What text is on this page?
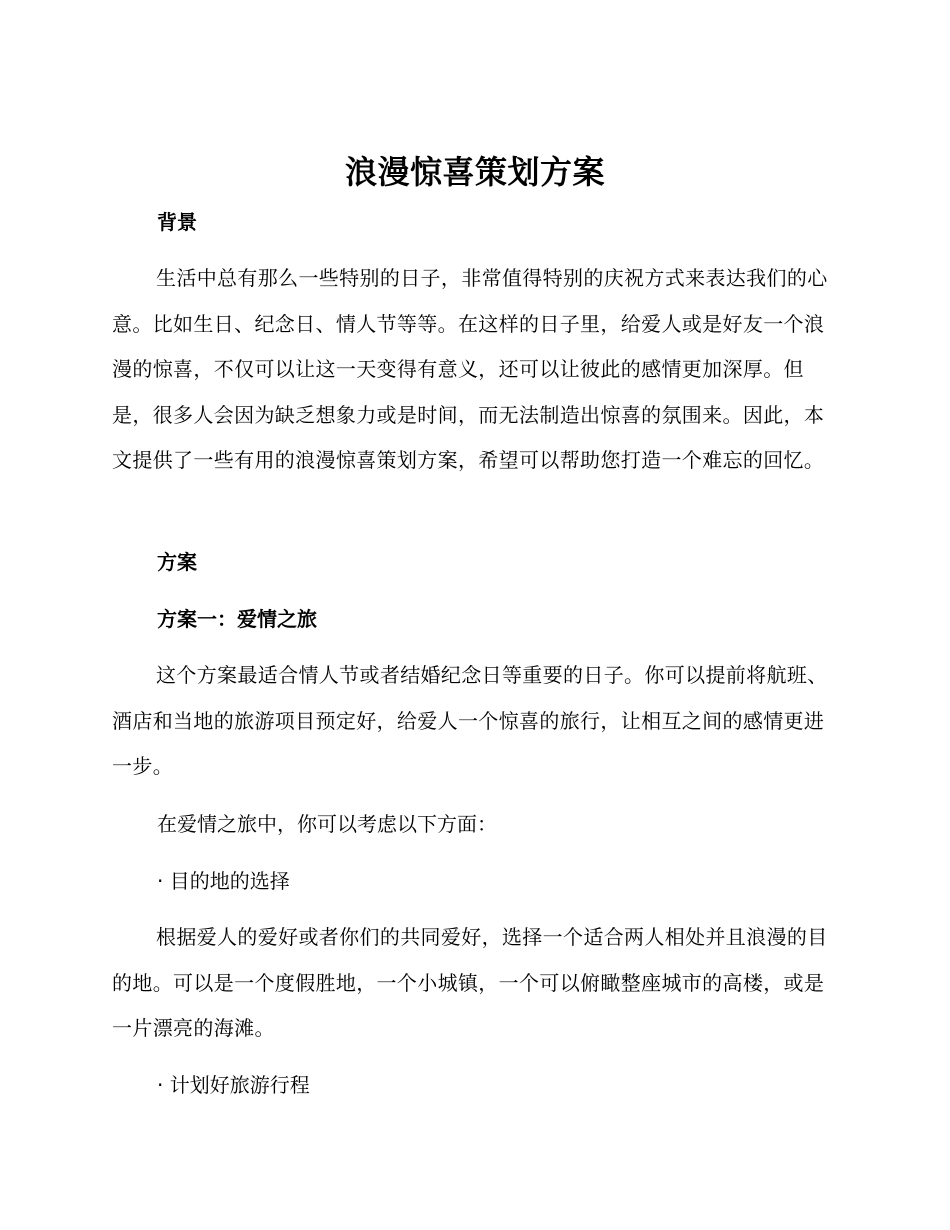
浪漫惊喜策划方案
背景

生活中总有那么一些特别的日子，非常值得特别的庆祝方式来表达我们的心意。比如生日、纪念日、情人节等等。在这样的日子里，给爱人或是好友一个浪漫的惊喜，不仅可以让这一天变得有意义，还可以让彼此的感情更加深厚。但是，很多人会因为缺乏想象力或是时间，而无法制造出惊喜的氛围来。因此，本文提供了一些有用的浪漫惊喜策划方案，希望可以帮助您打造一个难忘的回忆。

方案
方案一：爱情之旅

这个方案最适合情人节或者结婚纪念日等重要的日子。你可以提前将航班、酒店和当地的旅游项目预定好，给爱人一个惊喜的旅行，让相互之间的感情更进一步。

在爱情之旅中，你可以考虑以下方面：
· 目的地的选择

根据爱人的爱好或者你们的共同爱好，选择一个适合两人相处并且浪漫的目的地。可以是一个度假胜地，一个小城镇，一个可以俯瞰整座城市的高楼，或是一片漂亮的海滩。

· 计划好旅游行程
